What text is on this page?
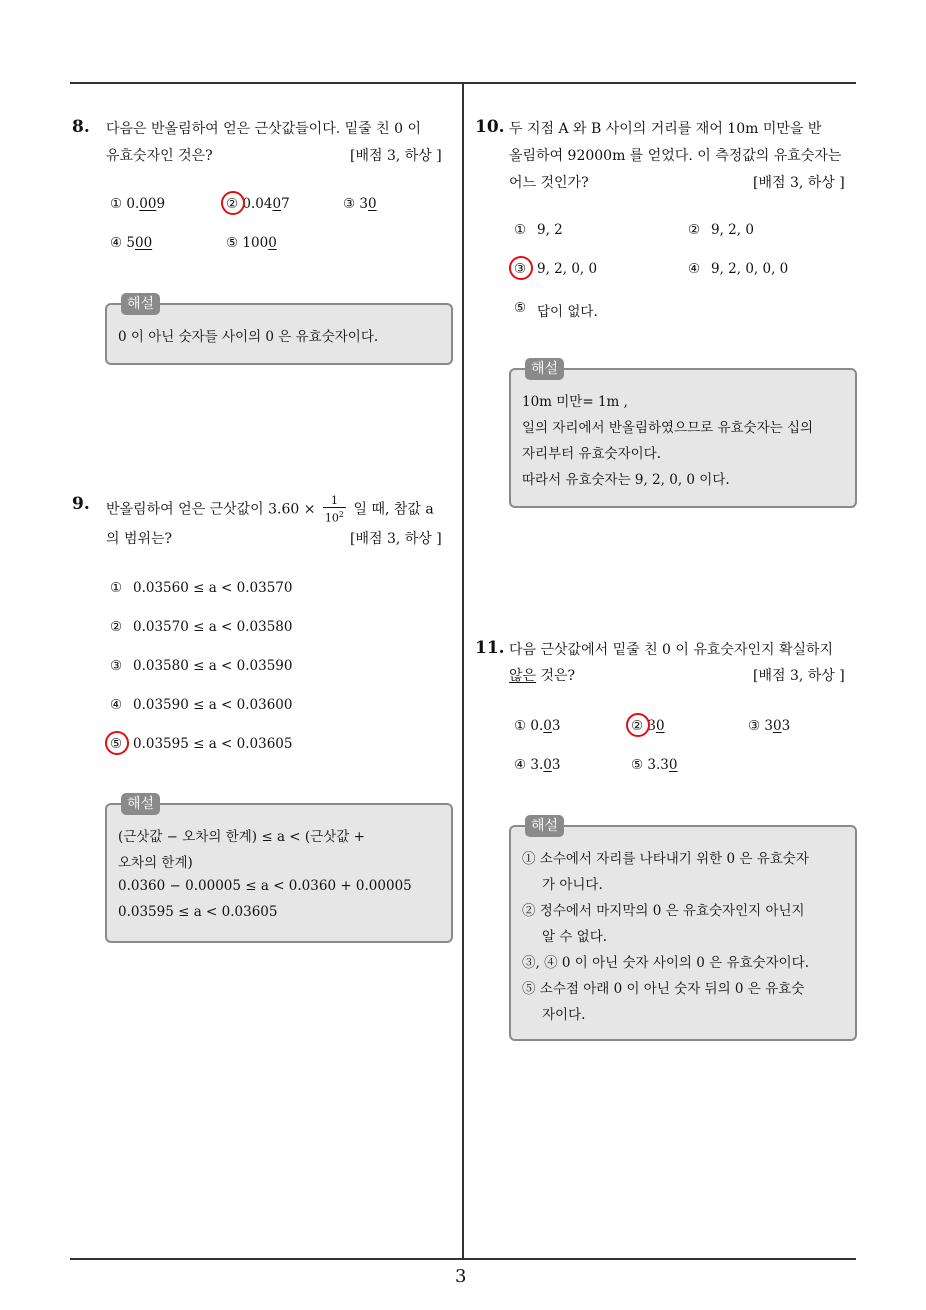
3
8. 다음은 반올림하여 얻은 근삿값들이다. 밑줄 친 0 이
유효숫자인 것은?	[배점 3, 하상 ]
① 0.009	② 0.0407	③ 30
④ 500	⑤ 1000
해설
0 이 아닌 숫자들 사이의 0 은 유효숫자이다.
9. 반올림하여 얻은 근삿값이 $3.60 \times \frac{1}{10^2}$ 일 때, 참값 a
의 범위는?	[배점 3, 하상 ]
0.03560 ≤ a < 0.03570
①
0.03570 ≤ a < 0.03580
②
0.03580 ≤ a < 0.03590
③
0.03590 ≤ a < 0.03600
④
0.03595 ≤ a < 0.03605
⑤
해설
(근삿값 − 오차의 한계) ≤ a < (근삿값 +
오차의 한계)
0.0360 − 0.00005 ≤ a < 0.0360 + 0.00005
0.03595 ≤ a < 0.03605
10. 두 지점 A 와 B 사이의 거리를 재어 10m 미만을 반
올림하여 92000m 를 얻었다. 이 측정값의 유효숫자는
어느 것인가?	[배점 3, 하상 ]
① 9, 2	② 9, 2, 0
③ 9, 2, 0, 0	④ 9, 2, 0, 0, 0
⑤ 답이 없다.
해설
10m 미만= 1m ,
일의 자리에서 반올림하였으므로 유효숫자는 십의
자리부터 유효숫자이다.
따라서 유효숫자는 9, 2, 0, 0 이다.
11. 다음 근삿값에서 밑줄 친 0 이 유효숫자인지 확실하지
않은 것은?	[배점 3, 하상 ]
① 0.03	② 30	③ 303
④ 3.03	⑤ 3.30
해설
① 소수에서 자리를 나타내기 위한 0 은 유효숫자
가 아니다.
② 정수에서 마지막의 0 은 유효숫자인지 아닌지
알 수 없다.
③, ④ 0 이 아닌 숫자 사이의 0 은 유효숫자이다.
⑤ 소수점 아래 0 이 아닌 숫자 뒤의 0 은 유효숫
자이다.
